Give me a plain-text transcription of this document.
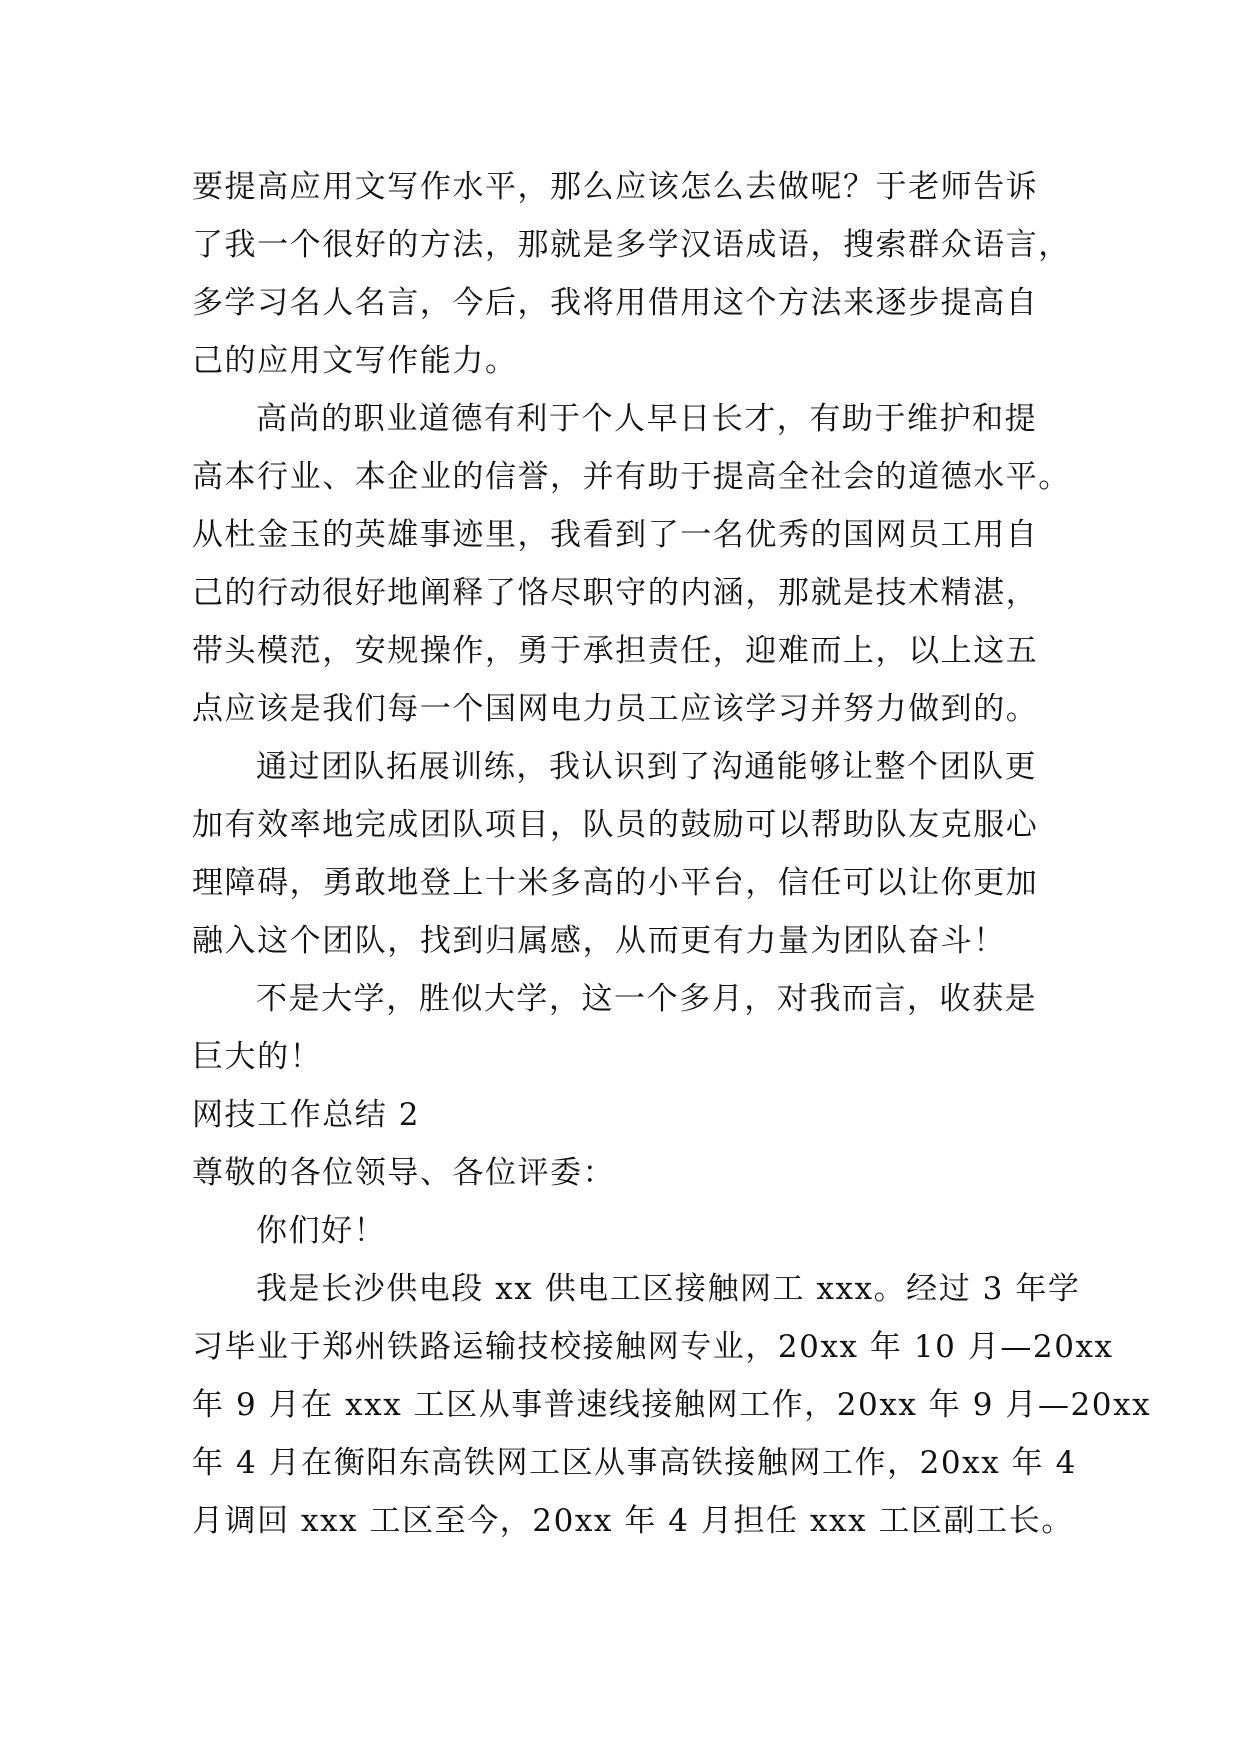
要提高应用文写作水平，那么应该怎么去做呢？于老师告诉
了我一个很好的方法，那就是多学汉语成语，搜索群众语言，
多学习名人名言，今后，我将用借用这个方法来逐步提高自
己的应用文写作能力。
高尚的职业道德有利于个人早日长才，有助于维护和提
高本行业、本企业的信誉，并有助于提高全社会的道德水平。
从杜金玉的英雄事迹里，我看到了一名优秀的国网员工用自
己的行动很好地阐释了恪尽职守的内涵，那就是技术精湛，
带头模范，安规操作，勇于承担责任，迎难而上，以上这五
点应该是我们每一个国网电力员工应该学习并努力做到的。
通过团队拓展训练，我认识到了沟通能够让整个团队更
加有效率地完成团队项目，队员的鼓励可以帮助队友克服心
理障碍，勇敢地登上十米多高的小平台，信任可以让你更加
融入这个团队，找到归属感，从而更有力量为团队奋斗！
不是大学，胜似大学，这一个多月，对我而言，收获是
巨大的！
网技工作总结 2
尊敬的各位领导、各位评委：
你们好！
我是长沙供电段 xx 供电工区接触网工 xxx。经过 3 年学
习毕业于郑州铁路运输技校接触网专业，20xx 年 10 月—20xx
年 9 月在 xxx 工区从事普速线接触网工作，20xx 年 9 月—20xx
年 4 月在衡阳东高铁网工区从事高铁接触网工作，20xx 年 4
月调回 xxx 工区至今，20xx 年 4 月担任 xxx 工区副工长。
